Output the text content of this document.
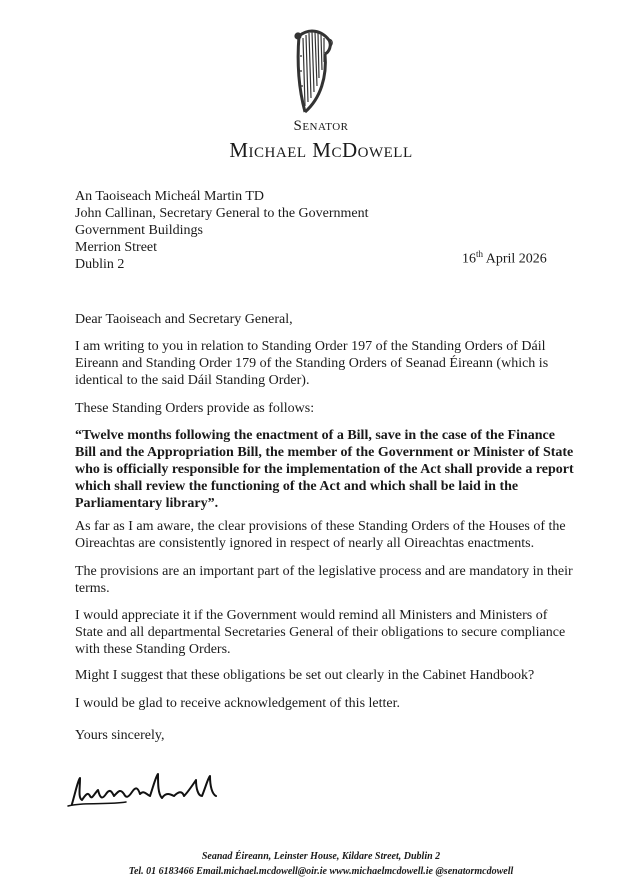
Senator
Michael McDowell
An Taoiseach Micheál Martin TD
John Callinan, Secretary General to the Government
Government Buildings
Merrion Street
Dublin 2	16th April 2026
Dear Taoiseach and Secretary General,
I am writing to you in relation to Standing Order 197 of the Standing Orders of Dáil Eireann and Standing Order 179 of the Standing Orders of Seanad Éireann (which is identical to the said Dáil Standing Order).
These Standing Orders provide as follows:
“Twelve months following the enactment of a Bill, save in the case of the Finance Bill and the Appropriation Bill, the member of the Government or Minister of State who is officially responsible for the implementation of the Act shall provide a report which shall review the functioning of the Act and which shall be laid in the Parliamentary library”.
As far as I am aware, the clear provisions of these Standing Orders of the Houses of the Oireachtas are consistently ignored in respect of nearly all Oireachtas enactments.
The provisions are an important part of the legislative process and are mandatory in their terms.
I would appreciate it if the Government would remind all Ministers and Ministers of State and all departmental Secretaries General of their obligations to secure compliance with these Standing Orders.
Might I suggest that these obligations be set out clearly in the Cabinet Handbook?
I would be glad to receive acknowledgement of this letter.
Yours sincerely,
Seanad Éireann, Leinster House, Kildare Street, Dublin 2
Tel. 01 6183466 Email.michael.mcdowell@oir.ie www.michaelmcdowell.ie @senatormcdowell
